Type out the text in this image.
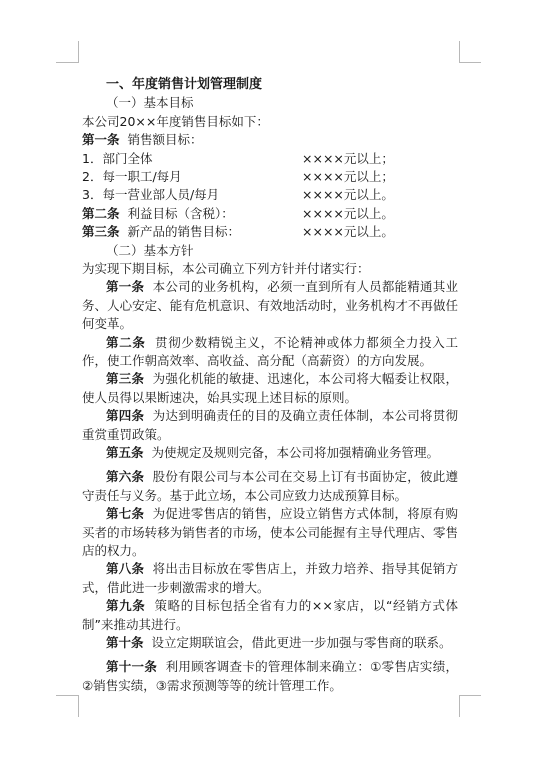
一、年度销售计划管理制度
（一）基本目标
本公司20××年度销售目标如下：
第一条 销售额目标：
1．部门全体	××××元以上；
2．每一职工/每月	××××元以上；
3．每一营业部人员/每月	××××元以上。
第二条 利益目标（含税）：	××××元以上。
第三条 新产品的销售目标：	××××元以上。
（二）基本方针
为实现下期目标，本公司确立下列方针并付诸实行：
第一条 本公司的业务机构，必须一直到所有人员都能精通其业务、人心安定、能有危机意识、有效地活动时，业务机构才不再做任何变革。
第二条 贯彻少数精锐主义，不论精神或体力都须全力投入工作，使工作朝高效率、高收益、高分配（高薪资）的方向发展。
第三条 为强化机能的敏捷、迅速化，本公司将大幅委让权限，使人员得以果断速决，始具实现上述目标的原则。
第四条 为达到明确责任的目的及确立责任体制，本公司将贯彻重赏重罚政策。
第五条 为使规定及规则完备，本公司将加强精确业务管理。
第六条 股份有限公司与本公司在交易上订有书面协定，彼此遵守责任与义务。基于此立场，本公司应致力达成预算目标。
第七条 为促进零售店的销售，应设立销售方式体制，将原有购买者的市场转移为销售者的市场，使本公司能握有主导代理店、零售店的权力。
第八条 将出击目标放在零售店上，并致力培养、指导其促销方式，借此进一步刺激需求的增大。
第九条 策略的目标包括全省有力的××家店，以“经销方式体制”来推动其进行。
第十条 设立定期联谊会，借此更进一步加强与零售商的联系。
第十一条 利用顾客调查卡的管理体制来确立：①零售店实绩，②销售实绩，③需求预测等等的统计管理工作。
